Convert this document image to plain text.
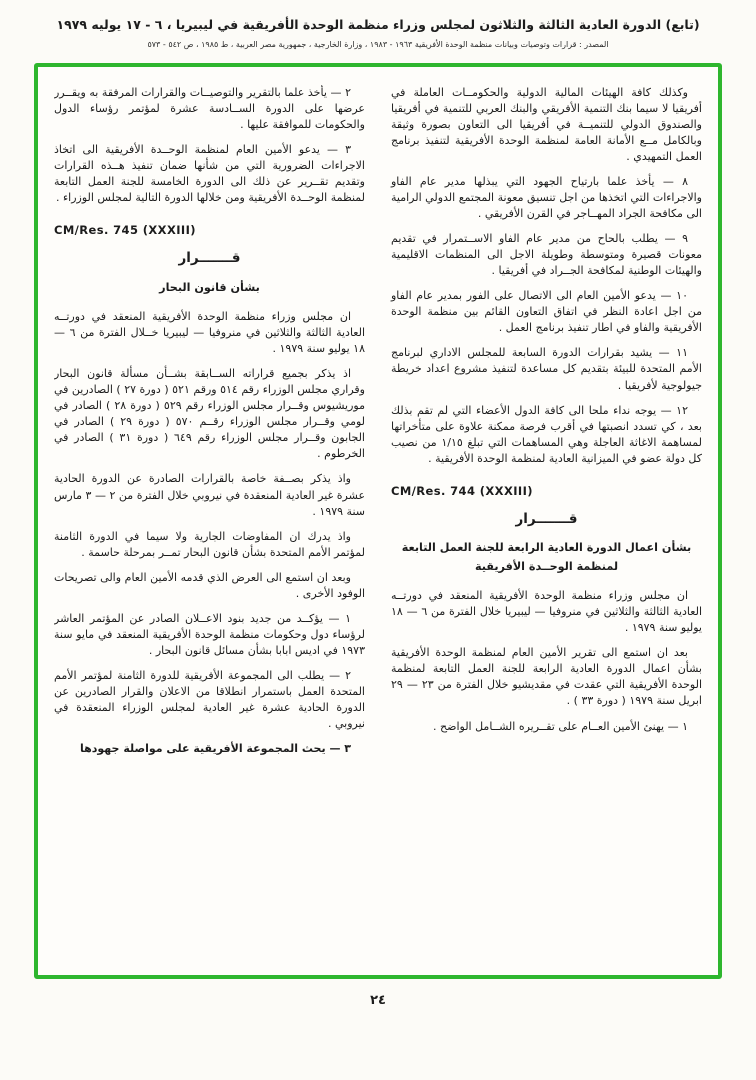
(تابع) الدورة العادية الثالثة والثلاثون لمجلس وزراء منظمة الوحدة الأفريقية في ليبيريا ، ٦ - ١٧ يوليه ١٩٧٩
المصدر : قرارات وتوصيات وبيانات منظمة الوحدة الأفريقية ١٩٦٣ - ١٩٨٣ ، وزارة الخارجية ، جمهورية مصر العربية ، ط ١٩٨٥ ، ص ٥٤٢ - ٥٧٣
وكذلك كافة الهيئات المالية الدولية والحكومــات العاملة في أفريقيا لا سيما بنك التنمية الأفريقي والبنك العربي للتنمية في أفريقيا والصندوق الدولي للتنميــة في أفريقيا الى التعاون بصورة وثيقة وبالكامل مــع الأمانة العامة لمنظمة الوحدة الأفريقية لتنفيذ برنامج العمل التمهيدي .
٨ — يأخذ علما بارتياح الجهود التي يبذلها مدير عام الفاو والاجراءات التي اتخذها من اجل تنسيق معونة المجتمع الدولي الرامية الى مكافحة الجراد المهــاجر في القرن الأفريقي .
٩ — يطلب بالحاح من مدير عام الفاو الاســتمرار في تقديم معونات قصيرة ومتوسطة وطويلة الاجل الى المنظمات الاقليمية والهيئات الوطنية لمكافحة الجــراد في أفريقيا .
١٠ — يدعو الأمين العام الى الاتصال على الفور بمدير عام الفاو من اجل اعادة النظر في اتفاق التعاون القائم بين منظمة الوحدة الأفريقية والفاو في اطار تنفيذ برنامج العمل .
١١ — يشيد بقرارات الدورة السابعة للمجلس الاداري لبرنامج الأمم المتحدة للبيئة بتقديم كل مساعدة لتنفيذ مشروع اعداد خريطة جيولوجية لأفريقيا .
١٢ — يوجه نداء ملحا الى كافة الدول الأعضاء التي لم تقم بذلك بعد ، كي تسدد انصبتها في أقرب فرصة ممكنة علاوة على متأخراتها لمساهمة الاغاثة العاجلة وهي المساهمات التي تبلغ ١/١٥ من نصيب كل دولة عضو في الميزانية العادية لمنظمة الوحدة الأفريقية .
CM/Res. 744 (XXXIII)
قـــــــرار
بشأن اعمال الدورة العادية الرابعة للجنة العمل التابعة لمنظمة الوحــدة الأفريقية
ان مجلس وزراء منظمة الوحدة الأفريقية المنعقد في دورتــه العادية الثالثة والثلاثين في منروفيا — ليبيريا خلال الفترة من ٦ — ١٨ يوليو سنة ١٩٧٩ .
بعد ان استمع الى تقرير الأمين العام لمنظمة الوحدة الأفريقية بشأن اعمال الدورة العادية الرابعة للجنة العمل التابعة لمنظمة الوحدة الأفريقية التي عقدت في مقديشيو خلال الفترة من ٢٣ — ٢٩ ابريل سنة ١٩٧٩ ( دورة ٣٣ ) .
١ — يهنئ الأمين العــام على تقــريره الشــامل الواضح .
٢ — يأخذ علما بالتقرير والتوصيــات والقرارات المرفقة به ويقــرر عرضها على الدورة الســادسة عشرة لمؤتمر رؤساء الدول والحكومات للموافقة عليها .
٣ — يدعو الأمين العام لمنظمة الوحــدة الأفريقية الى اتخاذ الاجراءات الضرورية التي من شأنها ضمان تنفيذ هــذه القرارات وتقديم تقــرير عن ذلك الى الدورة الخامسة للجنة العمل التابعة لمنظمة الوحــدة الأفريقية ومن خلالها الدورة التالية لمجلس الوزراء .
CM/Res. 745 (XXXIII)
قـــــــرار
بشأن قانون البحار
ان مجلس وزراء منظمة الوحدة الأفريقية المنعقد في دورتــه العادية الثالثة والثلاثين في منروفيا — ليبيريا خــلال الفترة من ٦ — ١٨ يوليو سنة ١٩٧٩ .
اذ يذكر بجميع قراراته الســابقة بشــأن مسألة قانون البحار وقراري مجلس الوزراء رقم ٥١٤ ورقم ٥٢١ ( دورة ٢٧ ) الصادرين في موريشيوس وقــرار مجلس الوزراء رقم ٥٢٩ ( دورة ٢٨ ) الصادر في لومي وقــرار مجلس الوزراء رقــم ٥٧٠ ( دورة ٢٩ ) الصادر في الجابون وقــرار مجلس الوزراء رقم ٦٤٩ ( دورة ٣١ ) الصادر في الخرطوم .
واذ يذكر بصــفة خاصة بالقرارات الصادرة عن الدورة الحادية عشرة غير العادية المنعقدة في نيروبي خلال الفترة من ٢ — ٣ مارس سنة ١٩٧٩ .
واذ يدرك ان المفاوضات الجارية ولا سيما في الدورة الثامنة لمؤتمر الأمم المتحدة بشأن قانون البحار تمــر بمرحلة حاسمة .
وبعد ان استمع الى العرض الذي قدمه الأمين العام والى تصريحات الوفود الأخرى .
١ — يؤكــد من جديد بنود الاعــلان الصادر عن المؤتمر العاشر لرؤساء دول وحكومات منظمة الوحدة الأفريقية المنعقد في مايو سنة ١٩٧٣ في اديس ابابا بشأن مسائل قانون البحار .
٢ — يطلب الى المجموعة الأفريقية للدورة الثامنة لمؤتمر الأمم المتحدة العمل باستمرار انطلاقا من الاعلان والقرار الصادرين عن الدورة الحادية عشرة غير العادية لمجلس الوزراء المنعقدة في نيروبي .
٣ — يحث المجموعة الأفريقية على مواصلة جهودها
٢٤
